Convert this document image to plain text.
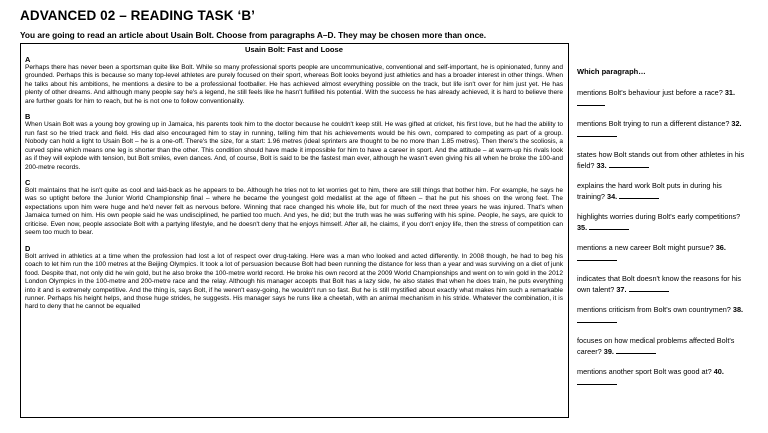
ADVANCED 02 – READING TASK ‘B’
You are going to read an article about Usain Bolt. Choose from paragraphs A–D. They may be chosen more than once.
Usain Bolt: Fast and Loose
A
Perhaps there has never been a sportsman quite like Bolt. While so many professional sports people are uncommunicative, conventional and self-important, he is opinionated, funny and grounded. Perhaps this is because so many top-level athletes are purely focused on their sport, whereas Bolt looks beyond just athletics and has a broader interest in other things. When he talks about his ambitions, he mentions a desire to be a professional footballer. He has achieved almost everything possible on the track, but life isn't over for him just yet. He has plenty of other dreams. And although many people say he's a legend, he still feels like he hasn't fulfilled his potential. With the success he has already achieved, it is hard to believe there are further goals for him to reach, but he is not one to follow conventionality.
B
When Usain Bolt was a young boy growing up in Jamaica, his parents took him to the doctor because he couldn't keep still. He was gifted at cricket, his first love, but he had the ability to run fast so he tried track and field. His dad also encouraged him to stay in running, telling him that his achievements would be his own, compared to competing as part of a group. Nobody can hold a light to Usain Bolt – he is a one-off. There's the size, for a start: 1.96 metres (ideal sprinters are thought to be no more than 1.85 metres). Then there's the scoliosis, a curved spine which means one leg is shorter than the other. This condition should have made it impossible for him to have a career in sport. And the attitude – at warm-up his rivals look as if they will explode with tension, but Bolt smiles, even dances. And, of course, Bolt is said to be the fastest man ever, although he wasn't even giving his all when he broke the 100-and 200-metre records.
C
Bolt maintains that he isn't quite as cool and laid-back as he appears to be. Although he tries not to let worries get to him, there are still things that bother him. For example, he says he was so uptight before the Junior World Championship final – where he became the youngest gold medallist at the age of fifteen – that he put his shoes on the wrong feet. The expectations upon him were huge and he'd never felt as nervous before. Winning that race changed his whole life, but for much of the next three years he was injured. That's when Jamaica turned on him. His own people said he was undisciplined, he partied too much. And yes, he did; but the truth was he was suffering with his spine. People, he says, are quick to criticise. Even now, people associate Bolt with a partying lifestyle, and he doesn't deny that he enjoys himself. After all, he claims, if you don't enjoy life, then the stress of competition can seem too much to bear.
D
Bolt arrived in athletics at a time when the profession had lost a lot of respect over drug-taking. Here was a man who looked and acted differently. In 2008 though, he had to beg his coach to let him run the 100 metres at the Beijing Olympics. It took a lot of persuasion because Bolt had been running the distance for less than a year and was surviving on a diet of junk food. Despite that, not only did he win gold, but he also broke the 100-metre world record. He broke his own record at the 2009 World Championships and went on to win gold in the 2012 London Olympics in the 100-metre and 200-metre race and the relay. Although his manager accepts that Bolt has a lazy side, he also states that when he does train, he puts everything into it and is extremely competitive. And the thing is, says Bolt, if he weren't easy-going, he wouldn't run so fast. But he is still mystified about exactly what makes him such a remarkable runner. Perhaps his height helps, and those huge strides, he suggests. His manager says he runs like a cheetah, with an animal mechanism in his stride. Whatever the combination, it is hard to deny that he cannot be equalled
Which paragraph…
mentions Bolt's behaviour just before a race? 31.
mentions Bolt trying to run a different distance? 32.
states how Bolt stands out from other athletes in his field? 33.
explains the hard work Bolt puts in during his training? 34.
highlights worries during Bolt's early competitions? 35.
mentions a new career Bolt might pursue? 36.
indicates that Bolt doesn't know the reasons for his own talent? 37.
mentions criticism from Bolt's own countrymen? 38.
focuses on how medical problems affected Bolt's career? 39.
mentions another sport Bolt was good at? 40.
